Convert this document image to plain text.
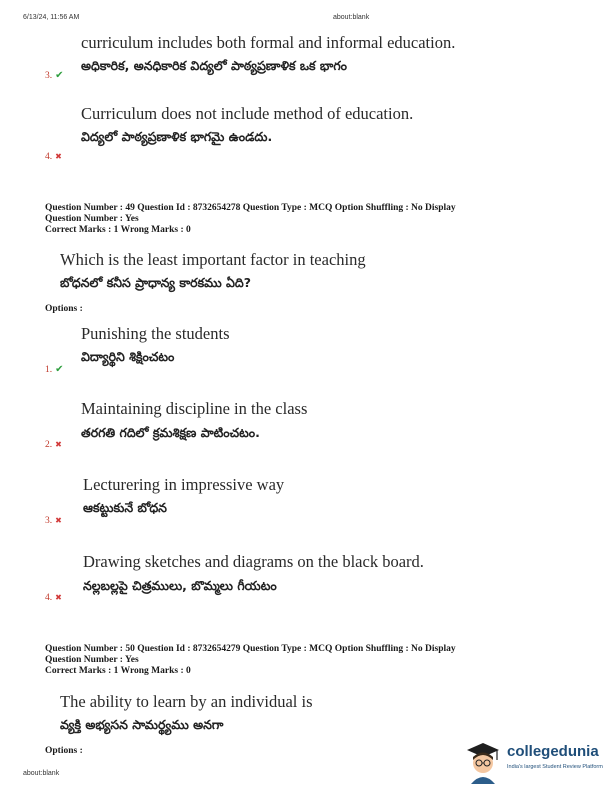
6/13/24, 11:56 AM	about:blank
curriculum includes both formal and informal education.
అధికారిక, అనధికారిక విద్యలో పాఠ్యప్రణాళిక ఒక భాగం
3. ✔
Curriculum does not include method of education.
విద్యలో పాఠ్యప్రణాళిక భాగమై ఉండదు.
4. ✖
Question Number : 49 Question Id : 8732654278 Question Type : MCQ Option Shuffling : No Display
Question Number : Yes
Correct Marks : 1 Wrong Marks : 0
Which is the least important factor in teaching
బోధనలో కనీస ప్రాధాన్య కారకము ఏది?
Options :
Punishing the students
విద్యార్థిని శిక్షించటం
1. ✔
Maintaining discipline in the class
తరగతి గదిలో క్రమశిక్షణ పాటించటం.
2. ✖
Lecturering in impressive way
ఆకట్టుకునే బోధన
3. ✖
Drawing sketches and diagrams on the black board.
నల్లబల్లపై చిత్రములు, బొమ్మలు గీయటం
4. ✖
Question Number : 50 Question Id : 8732654279 Question Type : MCQ Option Shuffling : No Display
Question Number : Yes
Correct Marks : 1 Wrong Marks : 0
The ability to learn by an individual is
వ్యక్తి అభ్యసన సామర్థ్యము అనగా
Options :
about:blank
collegedunia
India's largest Student Review Platform
